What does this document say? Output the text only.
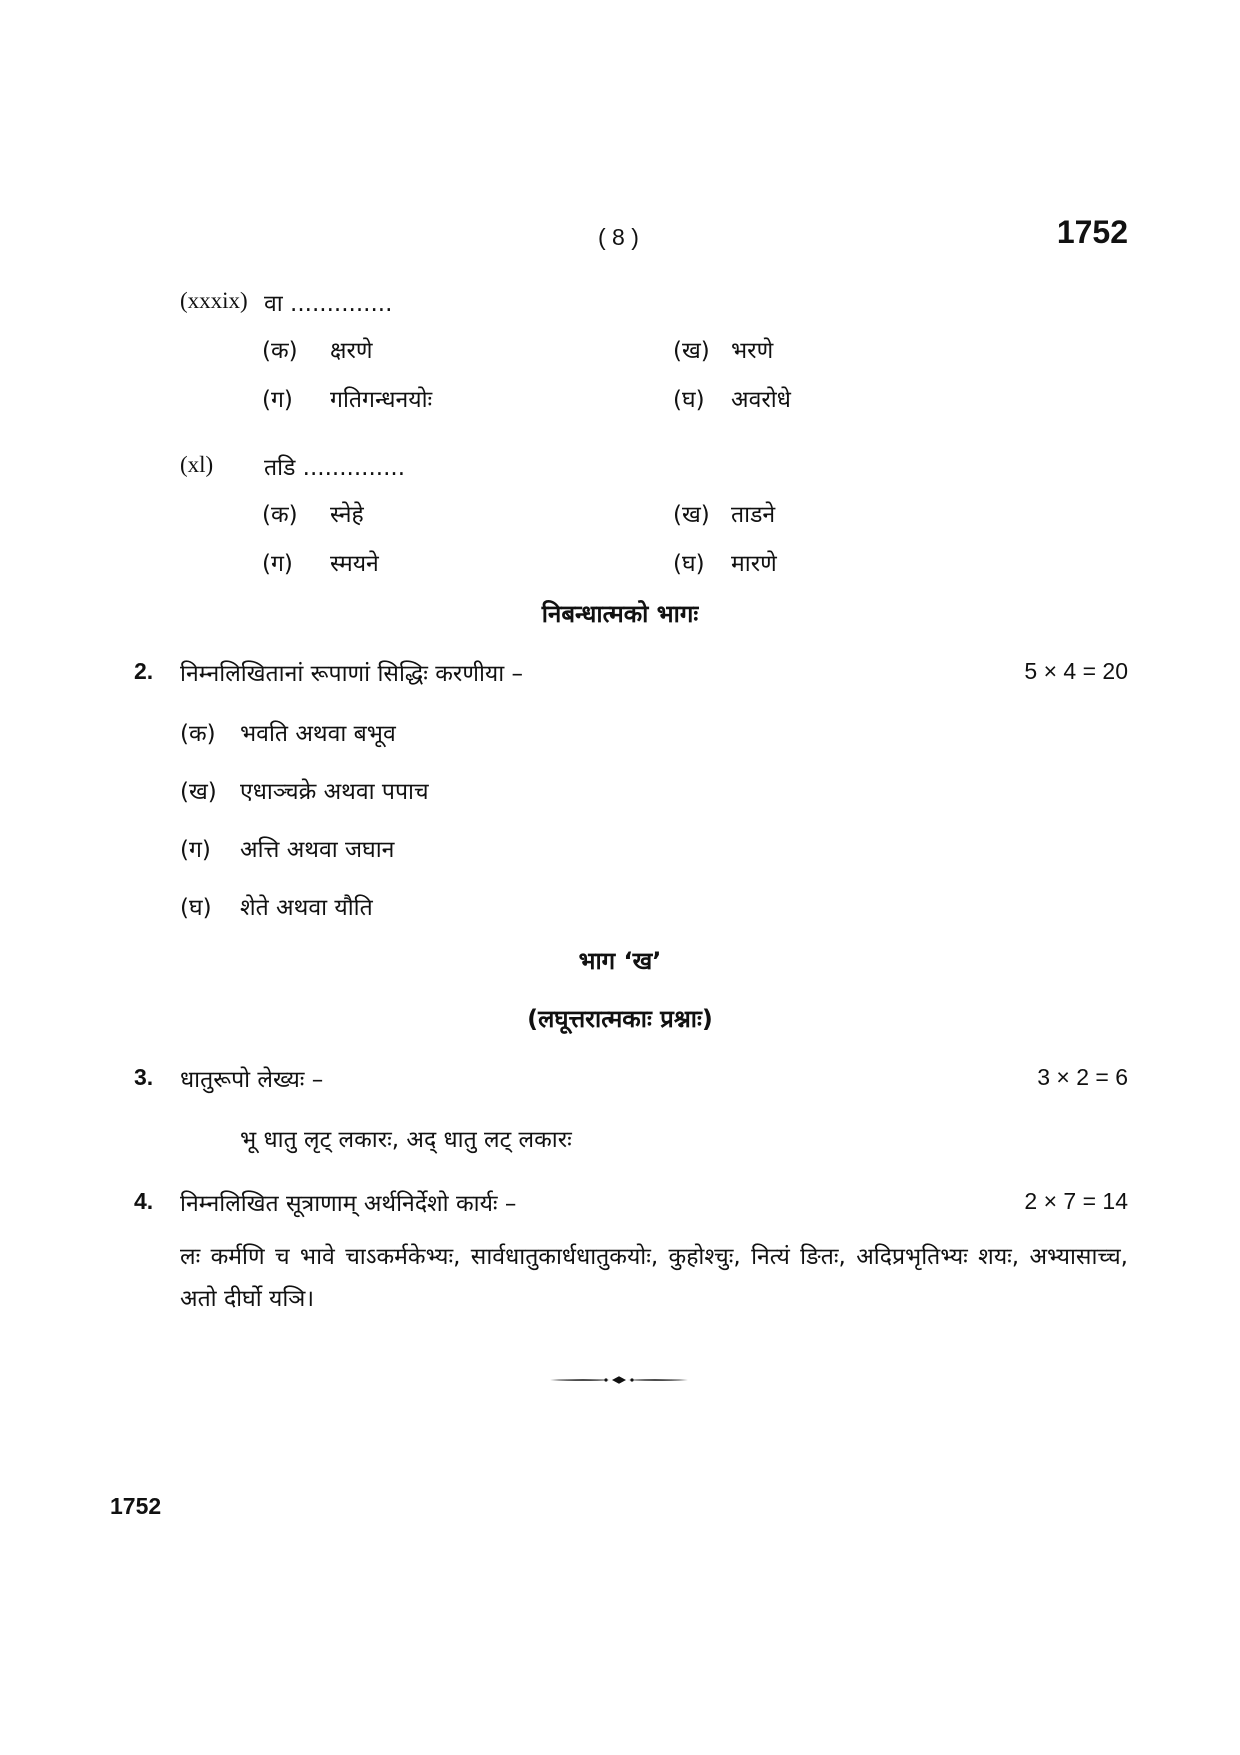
( 8 )	1752
(xxxix) वा ..............
(क) क्षरणे	(ख) भरणे
(ग) गतिगन्धनयोः	(घ) अवरोधे
(xl) तडि ..............
(क) स्नेहे	(ख) ताडने
(ग) स्मयने	(घ) मारणे
निबन्धात्मको भागः
2. निम्नलिखितानां रूपाणां सिद्धिः करणीया –	5 × 4 = 20
(क) भवति अथवा बभूव
(ख) एधाञ्चक्रे अथवा पपाच
(ग) अत्ति अथवा जघान
(घ) शेते अथवा यौति
भाग ‘ख’
(लघूत्तरात्मकाः प्रश्नाः)
3. धातुरूपो लेख्यः –	3 × 2 = 6
भू धातु लृट् लकारः, अद् धातु लट् लकारः
4. निम्नलिखित सूत्राणाम् अर्थनिर्देशो कार्यः –	2 × 7 = 14
लः कर्मणि च भावे चाऽकर्मकेभ्यः, सार्वधातुकार्धधातुकयोः, कुहोश्चुः, नित्यं ङितः, अदिप्रभृतिभ्यः शयः, अभ्यासाच्च, अतो दीर्घो यञि।
1752
